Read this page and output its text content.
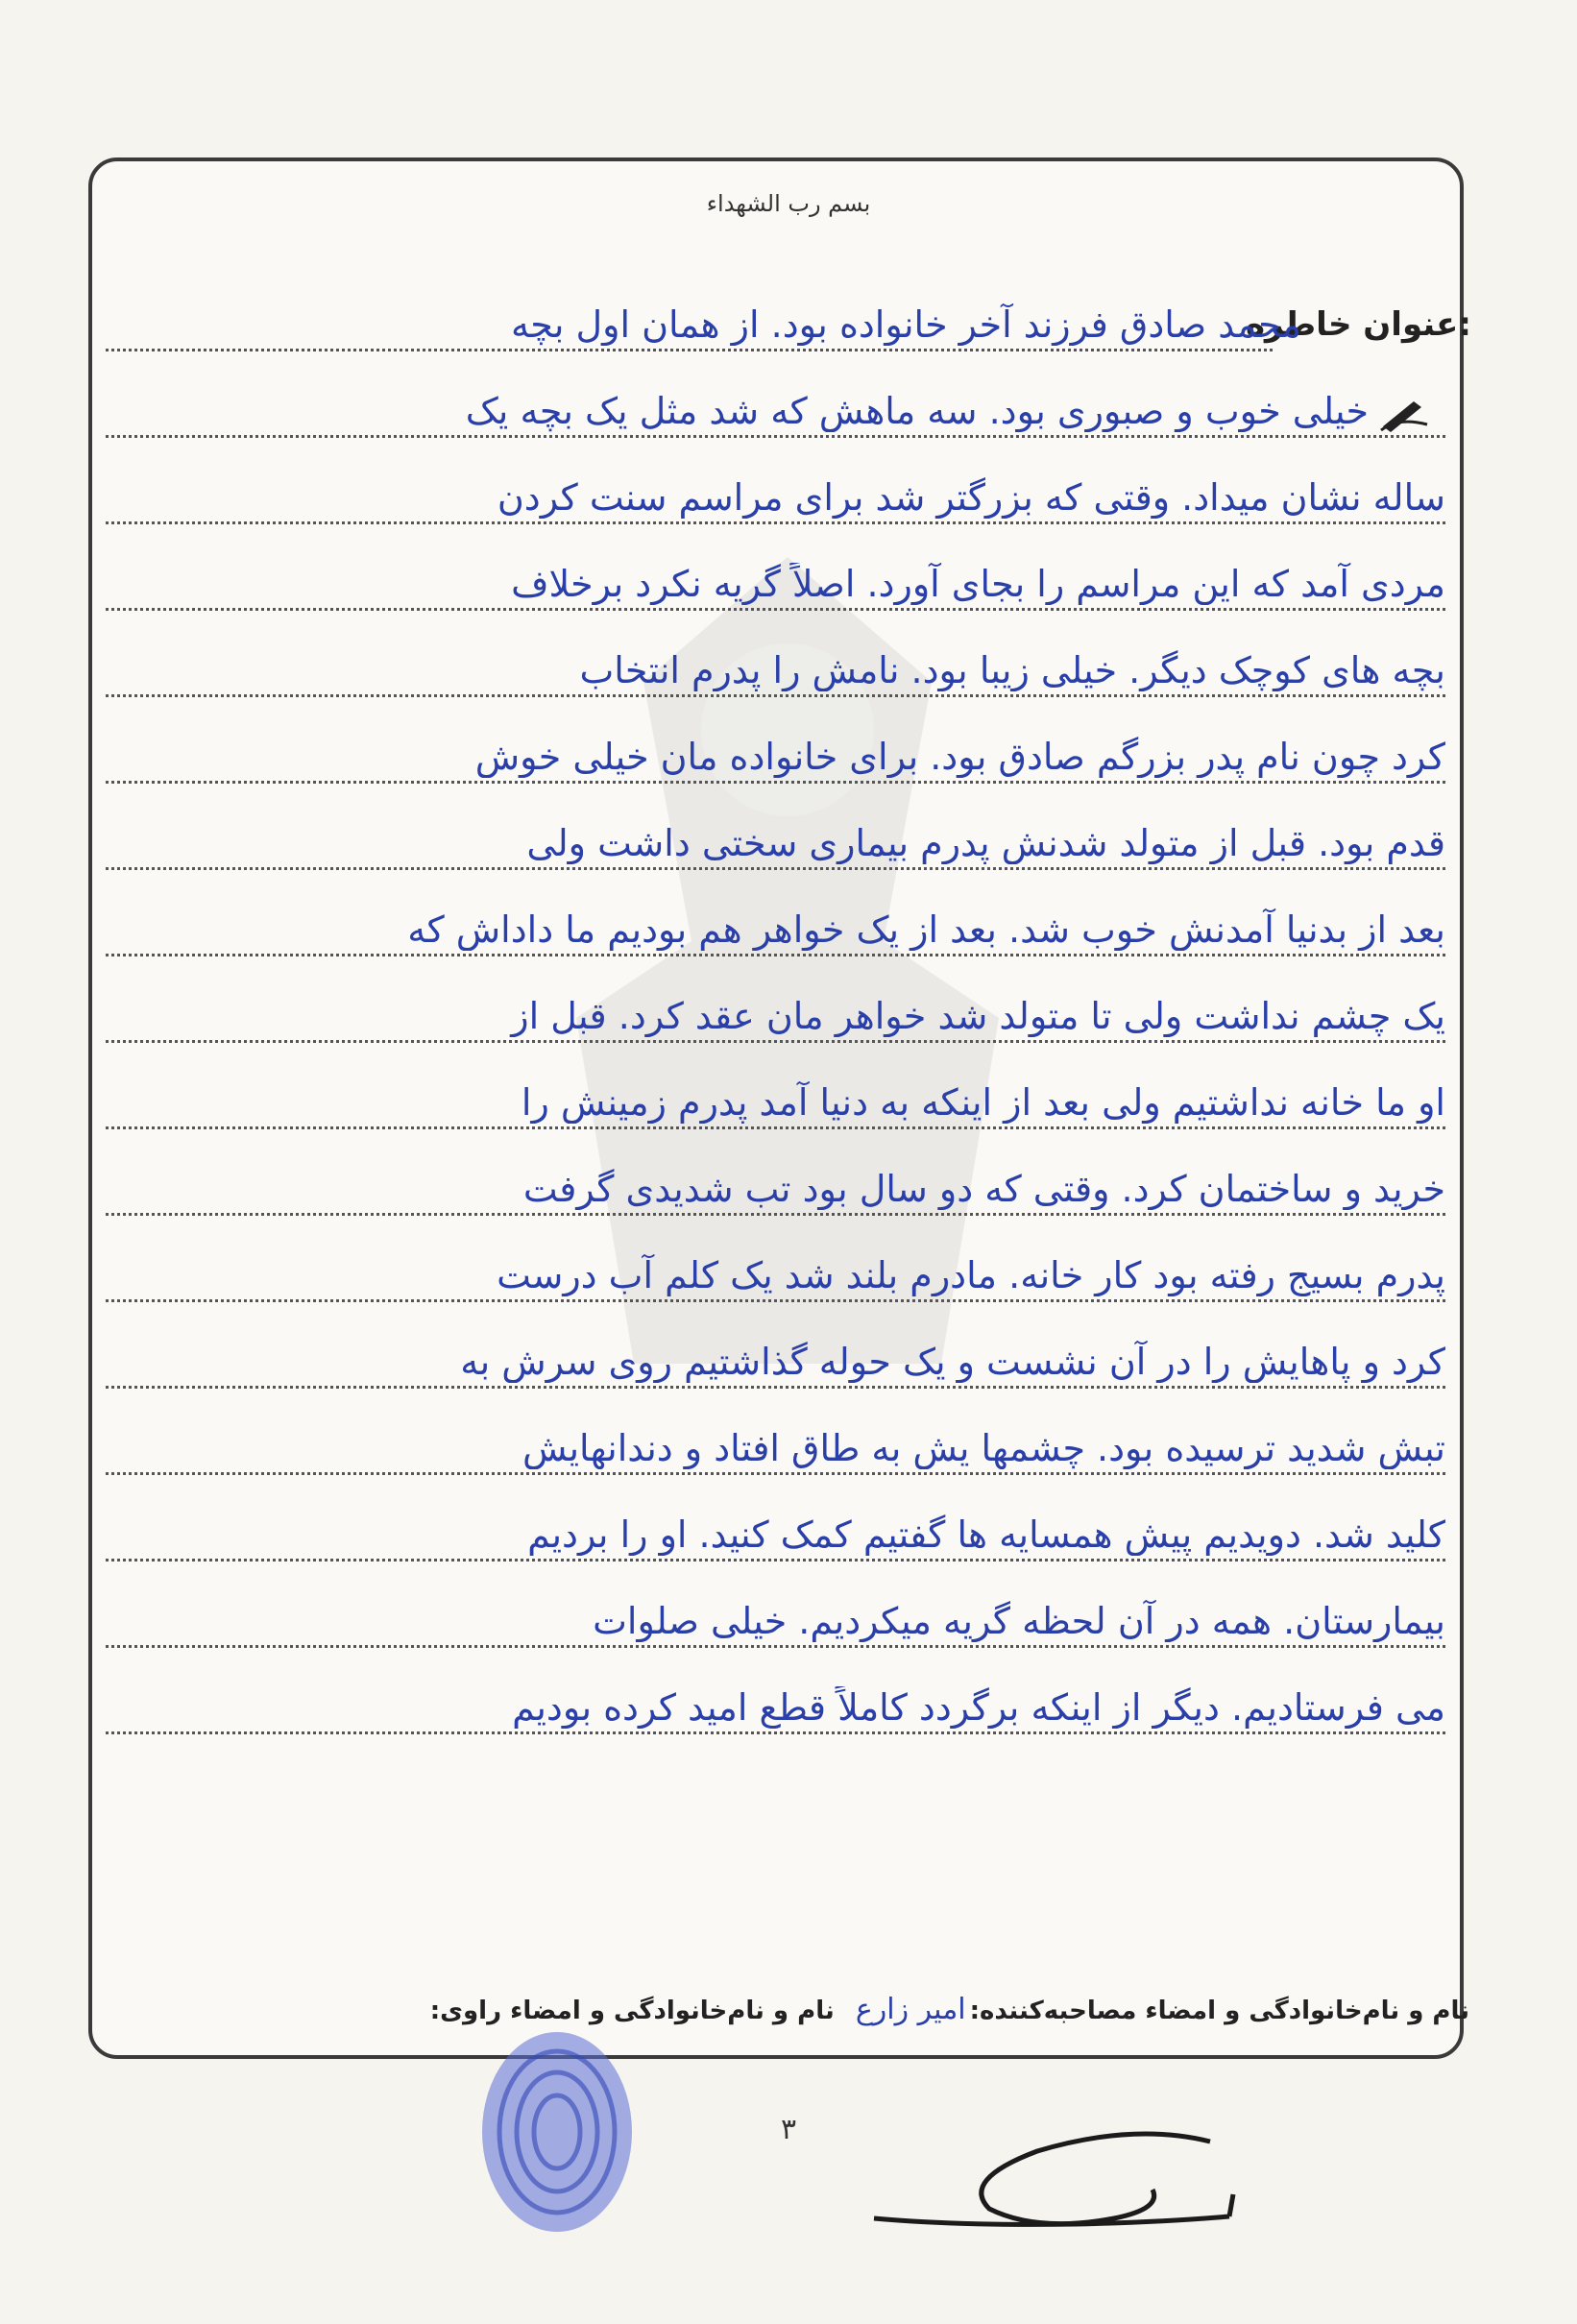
بسم رب الشهداء
عنوان خاطره:
محمد صادق فرزند آخر خانواده بود. از همان اول بچه
خیلی خوب و صبوری بود. سه ماهش که شد مثل یک بچه یک
ساله نشان میداد. وقتی که بزرگتر شد برای مراسم سنت کردن
مردی آمد که این مراسم را بجای آورد. اصلاً گریه نکرد برخلاف
بچه های کوچک دیگر. خیلی زیبا بود. نامش را پدرم انتخاب
کرد چون نام پدر بزرگم صادق بود. برای خانواده مان خیلی خوش
قدم بود. قبل از متولد شدنش پدرم بیماری سختی داشت ولی
بعد از بدنیا آمدنش خوب شد. بعد از یک خواهر هم بودیم ما داداش که
یک چشم نداشت ولی تا متولد شد خواهر مان عقد کرد. قبل از
او ما خانه نداشتیم ولی بعد از اینکه به دنیا آمد پدرم زمینش را
خرید و ساختمان کرد. وقتی که دو سال بود تب شدیدی گرفت
پدرم بسیج رفته بود کار خانه. مادرم بلند شد یک کلم آب درست
کرد و پاهایش را در آن نشست و یک حوله گذاشتیم روی سرش به
تبش شدید ترسیده بود. چشمها یش به طاق افتاد و دندانهایش
کلید شد. دویدیم پیش همسایه ها گفتیم کمک کنید. او را بردیم
بیمارستان. همه در آن لحظه گریه میکردیم. خیلی صلوات
می فرستادیم. دیگر از اینکه برگردد کاملاً قطع امید کرده بودیم
نام و نام‌خانوادگی و امضاء مصاحبه‌کننده:امیر زارع  نام و نام‌خانوادگی و امضاء راوی:
۳
